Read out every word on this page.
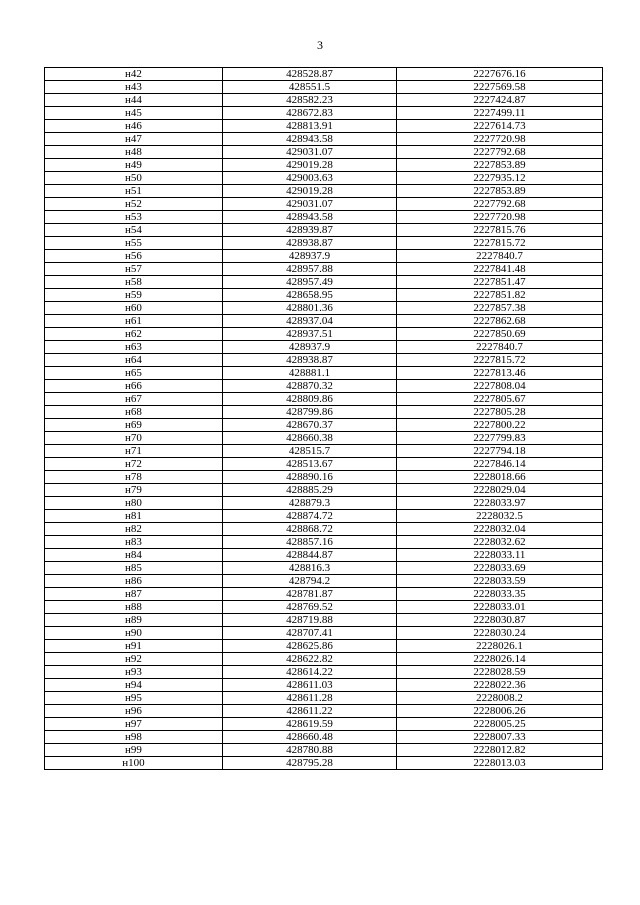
3
н42	428528.87	2227676.16
н43	428551.5	2227569.58
н44	428582.23	2227424.87
н45	428672.83	2227499.11
н46	428813.91	2227614.73
н47	428943.58	2227720.98
н48	429031.07	2227792.68
н49	429019.28	2227853.89
н50	429003.63	2227935.12
н51	429019.28	2227853.89
н52	429031.07	2227792.68
н53	428943.58	2227720.98
н54	428939.87	2227815.76
н55	428938.87	2227815.72
н56	428937.9	2227840.7
н57	428957.88	2227841.48
н58	428957.49	2227851.47
н59	428658.95	2227851.82
н60	428801.36	2227857.38
н61	428937.04	2227862.68
н62	428937.51	2227850.69
н63	428937.9	2227840.7
н64	428938.87	2227815.72
н65	428881.1	2227813.46
н66	428870.32	2227808.04
н67	428809.86	2227805.67
н68	428799.86	2227805.28
н69	428670.37	2227800.22
н70	428660.38	2227799.83
н71	428515.7	2227794.18
н72	428513.67	2227846.14
н78	428890.16	2228018.66
н79	428885.29	2228029.04
н80	428879.3	2228033.97
н81	428874.72	2228032.5
н82	428868.72	2228032.04
н83	428857.16	2228032.62
н84	428844.87	2228033.11
н85	428816.3	2228033.69
н86	428794.2	2228033.59
н87	428781.87	2228033.35
н88	428769.52	2228033.01
н89	428719.88	2228030.87
н90	428707.41	2228030.24
н91	428625.86	2228026.1
н92	428622.82	2228026.14
н93	428614.22	2228028.59
н94	428611.03	2228022.36
н95	428611.28	2228008.2
н96	428611.22	2228006.26
н97	428619.59	2228005.25
н98	428660.48	2228007.33
н99	428780.88	2228012.82
н100	428795.28	2228013.03
